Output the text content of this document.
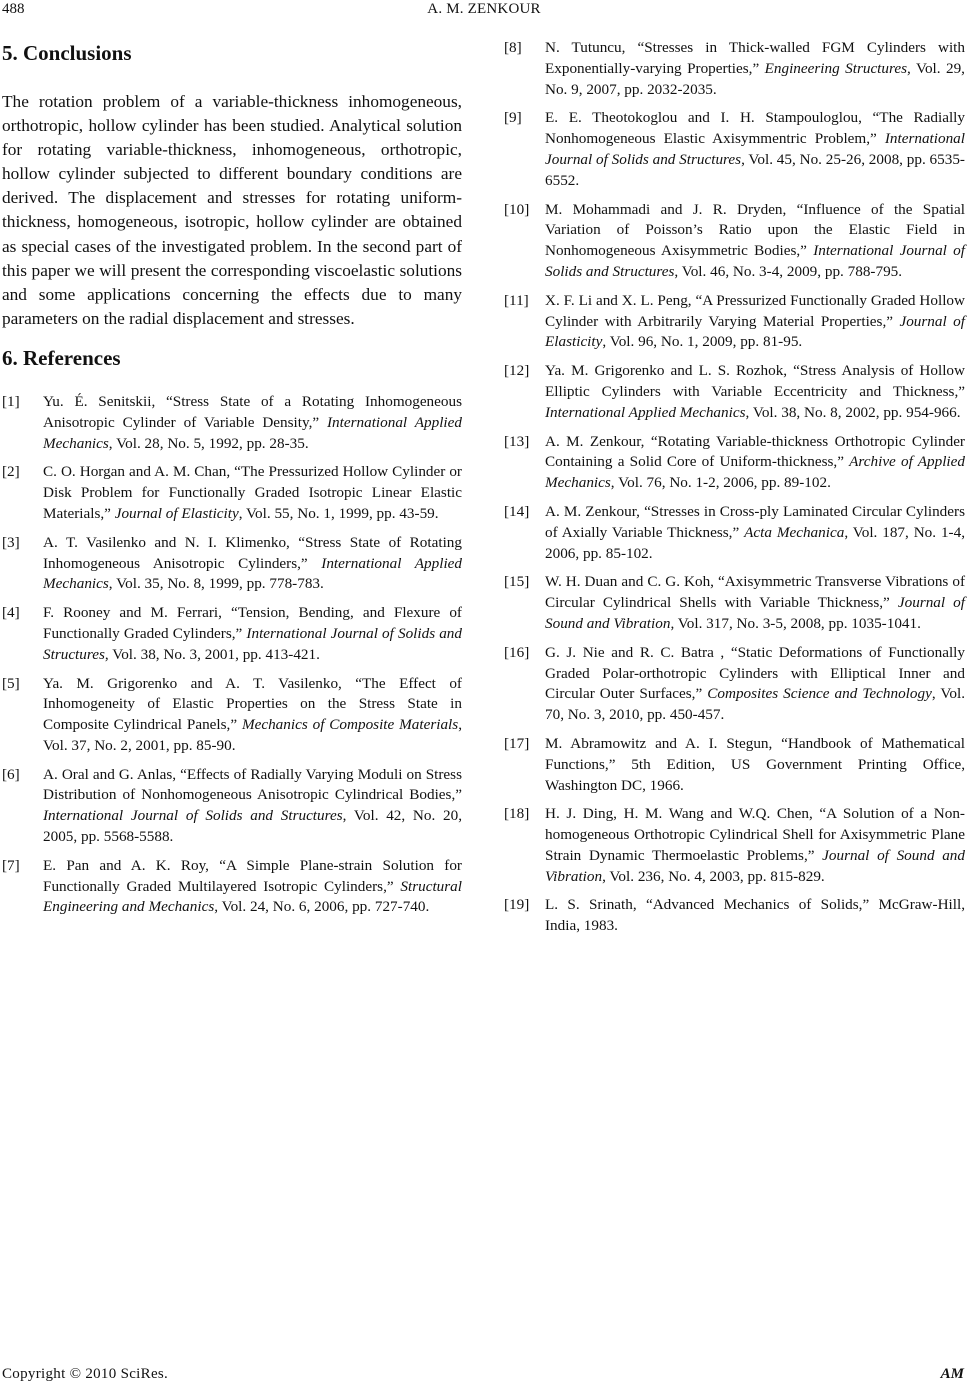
488	A. M. ZENKOUR
5. Conclusions

The rotation problem of a variable-thickness inhomogeneous, orthotropic, hollow cylinder has been studied. Analytical solution for rotating variable-thickness, inhomogeneous, orthotropic, hollow cylinder subjected to different boundary conditions are derived. The displacement and stresses for rotating uniform-thickness, homogeneous, isotropic, hollow cylinder are obtained as special cases of the investigated problem. In the second part of this paper we will present the corresponding viscoelastic solutions and some applications concerning the effects due to many parameters on the radial displacement and stresses.

6. References
[1]	Yu. É. Senitskii, “Stress State of a Rotating Inhomogeneous Anisotropic Cylinder of Variable Density,” International Applied Mechanics, Vol. 28, No. 5, 1992, pp. 28-35.
[2]	C. O. Horgan and A. M. Chan, “The Pressurized Hollow Cylinder or Disk Problem for Functionally Graded Isotropic Linear Elastic Materials,” Journal of Elasticity, Vol. 55, No. 1, 1999, pp. 43-59.
[3]	A. T. Vasilenko and N. I. Klimenko, “Stress State of Rotating Inhomogeneous Anisotropic Cylinders,” International Applied Mechanics, Vol. 35, No. 8, 1999, pp. 778-783.
[4]	F. Rooney and M. Ferrari, “Tension, Bending, and Flexure of Functionally Graded Cylinders,” International Journal of Solids and Structures, Vol. 38, No. 3, 2001, pp. 413-421.
[5]	Ya. M. Grigorenko and A. T. Vasilenko, “The Effect of Inhomogeneity of Elastic Properties on the Stress State in Composite Cylindrical Panels,” Mechanics of Composite Materials, Vol. 37, No. 2, 2001, pp. 85-90.
[6]	A. Oral and G. Anlas, “Effects of Radially Varying Moduli on Stress Distribution of Nonhomogeneous Anisotropic Cylindrical Bodies,” International Journal of Solids and Structures, Vol. 42, No. 20, 2005, pp. 5568-5588.
[7]	E. Pan and A. K. Roy, “A Simple Plane-strain Solution for Functionally Graded Multilayered Isotropic Cylinders,” Structural Engineering and Mechanics, Vol. 24, No. 6, 2006, pp. 727-740.
[8]	N. Tutuncu, “Stresses in Thick-walled FGM Cylinders with Exponentially-varying Properties,” Engineering Structures, Vol. 29, No. 9, 2007, pp. 2032-2035.
[9]	E. E. Theotokoglou and I. H. Stampouloglou, “The Radially Nonhomogeneous Elastic Axisymmentric Problem,” International Journal of Solids and Structures, Vol. 45, No. 25-26, 2008, pp. 6535-6552.
[10]	M. Mohammadi and J. R. Dryden, “Influence of the Spatial Variation of Poisson’s Ratio upon the Elastic Field in Nonhomogeneous Axisymmetric Bodies,” International Journal of Solids and Structures, Vol. 46, No. 3-4, 2009, pp. 788-795.
[11]	X. F. Li and X. L. Peng, “A Pressurized Functionally Graded Hollow Cylinder with Arbitrarily Varying Material Properties,” Journal of Elasticity, Vol. 96, No. 1, 2009, pp. 81-95.
[12]	Ya. M. Grigorenko and L. S. Rozhok, “Stress Analysis of Hollow Elliptic Cylinders with Variable Eccentricity and Thickness,” International Applied Mechanics, Vol. 38, No. 8, 2002, pp. 954-966.
[13]	A. M. Zenkour, “Rotating Variable-thickness Orthotropic Cylinder Containing a Solid Core of Uniform-thickness,” Archive of Applied Mechanics, Vol. 76, No. 1-2, 2006, pp. 89-102.
[14]	A. M. Zenkour, “Stresses in Cross-ply Laminated Circular Cylinders of Axially Variable Thickness,” Acta Mechanica, Vol. 187, No. 1-4, 2006, pp. 85-102.
[15]	W. H. Duan and C. G. Koh, “Axisymmetric Transverse Vibrations of Circular Cylindrical Shells with Variable Thickness,” Journal of Sound and Vibration, Vol. 317, No. 3-5, 2008, pp. 1035-1041.
[16]	G. J. Nie and R. C. Batra , “Static Deformations of Functionally Graded Polar-orthotropic Cylinders with Elliptical Inner and Circular Outer Surfaces,” Composites Science and Technology, Vol. 70, No. 3, 2010, pp. 450-457.
[17]	M. Abramowitz and A. I. Stegun, “Handbook of Mathematical Functions,” 5th Edition, US Government Printing Office, Washington DC, 1966.
[18]	H. J. Ding, H. M. Wang and W.Q. Chen, “A Solution of a Non-homogeneous Orthotropic Cylindrical Shell for Axisymmetric Plane Strain Dynamic Thermoelastic Problems,” Journal of Sound and Vibration, Vol. 236, No. 4, 2003, pp. 815-829.
[19]	L. S. Srinath, “Advanced Mechanics of Solids,” McGraw-Hill, India, 1983.
Copyright © 2010 SciRes.	AM
